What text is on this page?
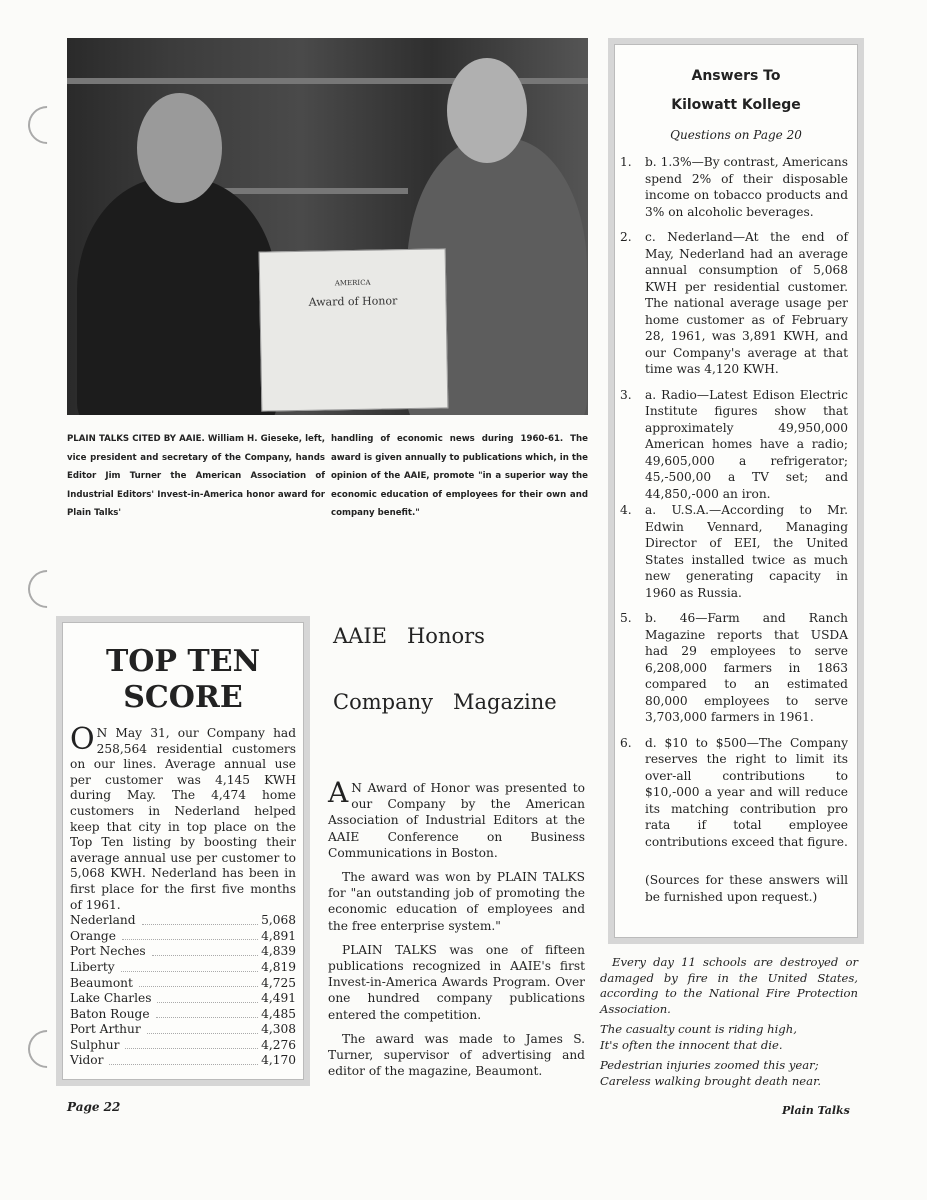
AMERICA
Award of Honor
PLAIN TALKS CITED BY AAIE. William H. Gieseke, left, vice president and secretary of the Company, hands Editor Jim Turner the American Association of Industrial Editors' Invest-in-America honor award for Plain Talks'
handling of economic news during 1960-61. The award is given annually to publications which, in the opinion of the AAIE, promote "in a superior way the economic education of employees for their own and company benefit."
Answers To
Kilowatt Kollege
Questions on Page 20
1. b. 1.3%—By contrast, Americans spend 2% of their disposable income on tobacco products and 3% on alcoholic beverages.
2. c. Nederland—At the end of May, Nederland had an average annual consumption of 5,068 KWH per residential customer. The national average usage per home customer as of February 28, 1961, was 3,891 KWH, and our Company's average at that time was 4,120 KWH.
3. a. Radio—Latest Edison Electric Institute figures show that approximately 49,950,000 American homes have a radio; 49,605,000 a refrigerator; 45,-500,00 a TV set; and 44,850,-000 an iron.
4. a. U.S.A.—According to Mr. Edwin Vennard, Managing Director of EEI, the United States installed twice as much new generating capacity in 1960 as Russia.
5. b. 46—Farm and Ranch Magazine reports that USDA had 29 employees to serve 6,208,000 farmers in 1863 compared to an estimated 80,000 employees to serve 3,703,000 farmers in 1961.
6. d. $10 to $500—The Company reserves the right to limit its over-all contributions to $10,-000 a year and will reduce its matching contribution pro rata if total employee contributions exceed that figure.
(Sources for these answers will be furnished upon request.)
TOP TEN
SCORE
O N May 31, our Company had 258,564 residential customers on our lines. Average annual use per customer was 4,145 KWH during May. The 4,474 home customers in Nederland helped keep that city in top place on the Top Ten listing by boosting their average annual use per customer to 5,068 KWH. Nederland has been in first place for the first five months of 1961.
Nederland	5,068
Orange	4,891
Port Neches	4,839
Liberty	4,819
Beaumont	4,725
Lake Charles	4,491
Baton Rouge	4,485
Port Arthur	4,308
Sulphur	4,276
Vidor	4,170
AAIE   Honors
Company   Magazine

A N Award of Honor was presented to our Company by the American Association of Industrial Editors at the AAIE Conference on Business Communications in Boston.

The award was won by PLAIN TALKS for "an outstanding job of promoting the economic education of employees and the free enterprise system."

PLAIN TALKS was one of fifteen publications recognized in AAIE's first Invest-in-America Awards Program. Over one hundred company publications entered the competition.

The award was made to James S. Turner, supervisor of advertising and editor of the magazine, Beaumont.

Every day 11 schools are destroyed or damaged by fire in the United States, according to the National Fire Protection Association.
The casualty count is riding high,
It's often the innocent that die.
Pedestrian injuries zoomed this year;
Careless walking brought death near.
Page 22	Plain Talks
